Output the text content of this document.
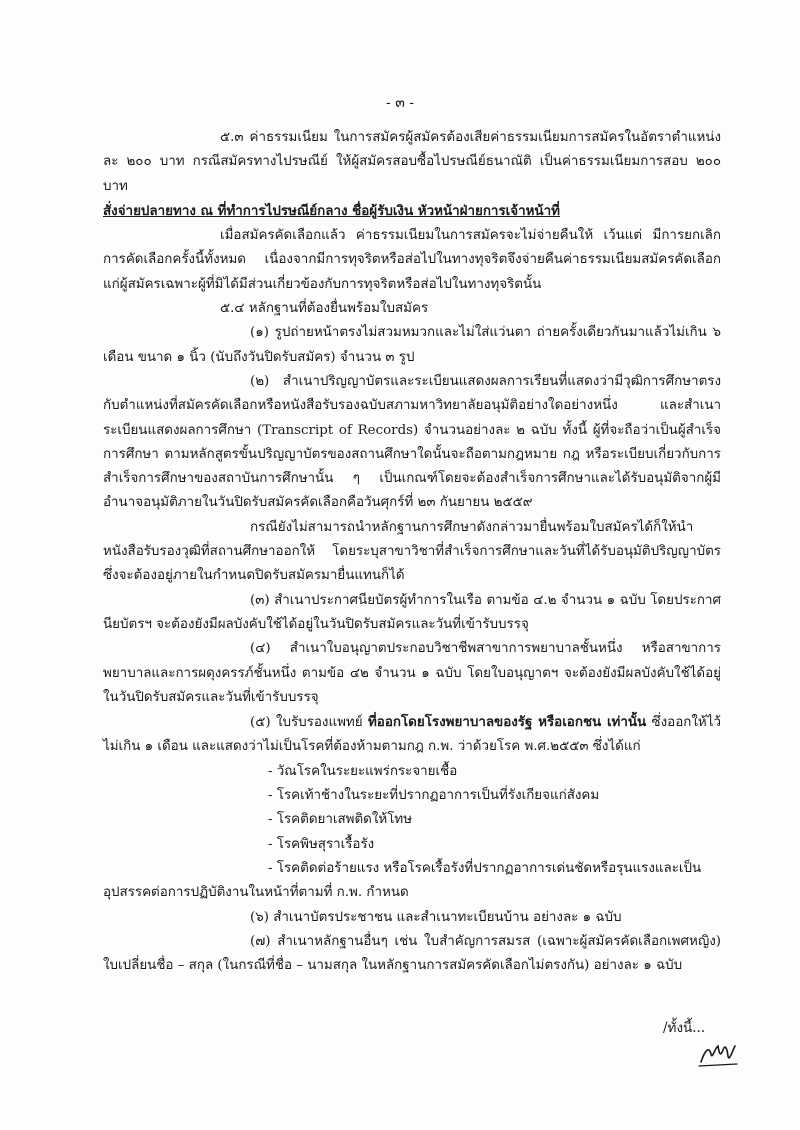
- ๓ -

๕.๓ ค่าธรรมเนียม ในการสมัครผู้สมัครต้องเสียค่าธรรมเนียมการสมัครในอัตราตำแหน่งละ ๒๐๐ บาท กรณีสมัครทางไปรษณีย์ ให้ผู้สมัครสอบซื้อไปรษณีย์ธนาณัติ เป็นค่าธรรมเนียมการสอบ ๒๐๐ บาท

สั่งจ่ายปลายทาง ณ ที่ทำการไปรษณีย์กลาง ชื่อผู้รับเงิน หัวหน้าฝ่ายการเจ้าหน้าที่

เมื่อสมัครคัดเลือกแล้ว ค่าธรรมเนียมในการสมัครจะไม่จ่ายคืนให้ เว้นแต่ มีการยกเลิกการคัดเลือกครั้งนี้ทั้งหมด เนื่องจากมีการทุจริตหรือส่อไปในทางทุจริตจึงจ่ายคืนค่าธรรมเนียมสมัครคัดเลือกแก่ผู้สมัครเฉพาะผู้ที่มิได้มีส่วนเกี่ยวข้องกับการทุจริตหรือส่อไปในทางทุจริตนั้น

๕.๔ หลักฐานที่ต้องยื่นพร้อมใบสมัคร

(๑) รูปถ่ายหน้าตรงไม่สวมหมวกและไม่ใส่แว่นตา ถ่ายครั้งเดียวกันมาแล้วไม่เกิน ๖ เดือน ขนาด ๑ นิ้ว (นับถึงวันปิดรับสมัคร) จำนวน ๓ รูป

(๒) สำเนาปริญญาบัตรและระเบียนแสดงผลการเรียนที่แสดงว่ามีวุฒิการศึกษาตรงกับตำแหน่งที่สมัครคัดเลือกหรือหนังสือรับรองฉบับสภามหาวิทยาลัยอนุมัติอย่างใดอย่างหนึ่ง และสำเนาระเบียนแสดงผลการศึกษา (Transcript of Records) จำนวนอย่างละ ๒ ฉบับ ทั้งนี้ ผู้ที่จะถือว่าเป็นผู้สำเร็จการศึกษา ตามหลักสูตรขั้นปริญญาบัตรของสถานศึกษาใดนั้นจะถือตามกฎหมาย กฎ หรือระเบียบเกี่ยวกับการสำเร็จการศึกษาของสถาบันการศึกษานั้น ๆ เป็นเกณฑ์โดยจะต้องสำเร็จการศึกษาและได้รับอนุมัติจากผู้มีอำนาจอนุมัติภายในวันปิดรับสมัครคัดเลือกคือวันศุกร์ที่ ๒๓ กันยายน ๒๕๕๙

กรณียังไม่สามารถนำหลักฐานการศึกษาดังกล่าวมายื่นพร้อมใบสมัครได้ก็ให้นำหนังสือรับรองวุฒิที่สถานศึกษาออกให้ โดยระบุสาขาวิชาที่สำเร็จการศึกษาและวันที่ได้รับอนุมัติปริญญาบัตรซึ่งจะต้องอยู่ภายในกำหนดปิดรับสมัครมายื่นแทนก็ได้

(๓) สำเนาประกาศนียบัตรผู้ทำการในเรือ ตามข้อ ๔.๒ จำนวน ๑ ฉบับ โดยประกาศนียบัตรฯ จะต้องยังมีผลบังคับใช้ได้อยู่ในวันปิดรับสมัครและวันที่เข้ารับบรรจุ

(๔) สำเนาใบอนุญาตประกอบวิชาชีพสาขาการพยาบาลชั้นหนึ่ง หรือสาขาการพยาบาลและการผดุงครรภ์ชั้นหนึ่ง ตามข้อ ๔๒ จำนวน ๑ ฉบับ โดยใบอนุญาตฯ จะต้องยังมีผลบังคับใช้ได้อยู่ในวันปิดรับสมัครและวันที่เข้ารับบรรจุ

(๕) ใบรับรองแพทย์ ที่ออกโดยโรงพยาบาลของรัฐ หรือเอกชน เท่านั้น ซึ่งออกให้ไว้ไม่เกิน ๑ เดือน และแสดงว่าไม่เป็นโรคที่ต้องห้ามตามกฎ ก.พ. ว่าด้วยโรค พ.ศ.๒๕๕๓ ซึ่งได้แก่

- วัณโรคในระยะแพร่กระจายเชื้อ

- โรคเท้าช้างในระยะที่ปรากฏอาการเป็นที่รังเกียจแก่สังคม

- โรคติดยาเสพติดให้โทษ

- โรคพิษสุราเรื้อรัง

- โรคติดต่อร้ายแรง หรือโรคเรื้อรังที่ปรากฏอาการเด่นชัดหรือรุนแรงและเป็นอุปสรรคต่อการปฏิบัติงานในหน้าที่ตามที่ ก.พ. กำหนด

(๖) สำเนาบัตรประชาชน และสำเนาทะเบียนบ้าน อย่างละ ๑ ฉบับ

(๗) สำเนาหลักฐานอื่นๆ เช่น ใบสำคัญการสมรส (เฉพาะผู้สมัครคัดเลือกเพศหญิง) ใบเปลี่ยนชื่อ – สกุล (ในกรณีที่ชื่อ – นามสกุล ในหลักฐานการสมัครคัดเลือกไม่ตรงกัน) อย่างละ ๑ ฉบับ

/ทั้งนี้...
